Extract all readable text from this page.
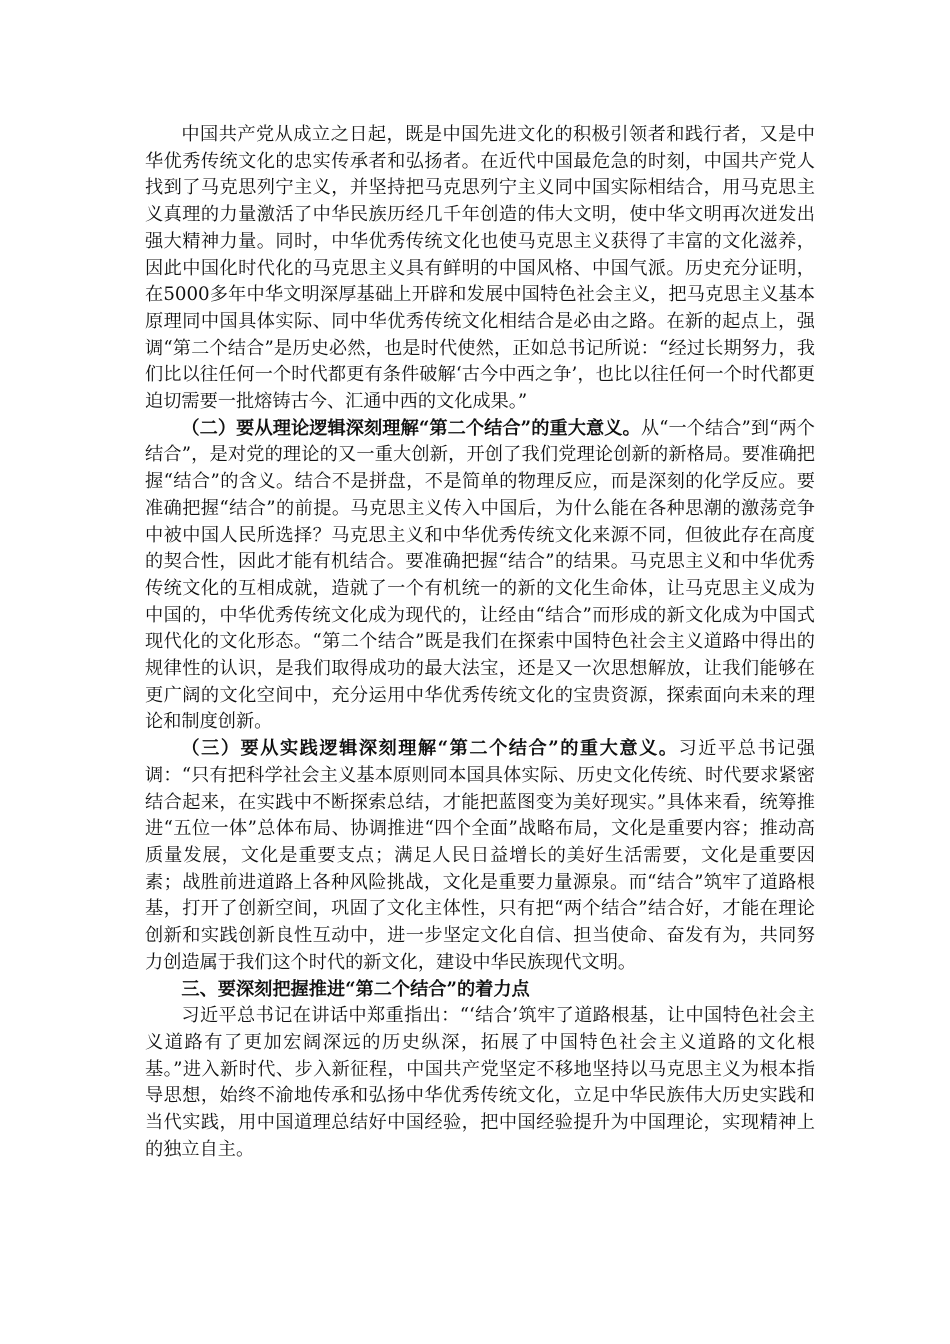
中国共产党从成立之日起，既是中国先进文化的积极引领者和践行者，又是中华优秀传统文化的忠实传承者和弘扬者。在近代中国最危急的时刻，中国共产党人找到了马克思列宁主义，并坚持把马克思列宁主义同中国实际相结合，用马克思主义真理的力量激活了中华民族历经几千年创造的伟大文明，使中华文明再次迸发出强大精神力量。同时，中华优秀传统文化也使马克思主义获得了丰富的文化滋养，因此中国化时代化的马克思主义具有鲜明的中国风格、中国气派。历史充分证明，在5000多年中华文明深厚基础上开辟和发展中国特色社会主义，把马克思主义基本原理同中国具体实际、同中华优秀传统文化相结合是必由之路。在新的起点上，强调“第二个结合”是历史必然，也是时代使然，正如总书记所说：“经过长期努力，我们比以往任何一个时代都更有条件破解‘古今中西之争’，也比以往任何一个时代都更迫切需要一批熔铸古今、汇通中西的文化成果。”

（二）要从理论逻辑深刻理解“第二个结合”的重大意义。从“一个结合”到“两个结合”，是对党的理论的又一重大创新，开创了我们党理论创新的新格局。要准确把握“结合”的含义。结合不是拼盘，不是简单的物理反应，而是深刻的化学反应。要准确把握“结合”的前提。马克思主义传入中国后，为什么能在各种思潮的激荡竞争中被中国人民所选择？马克思主义和中华优秀传统文化来源不同，但彼此存在高度的契合性，因此才能有机结合。要准确把握“结合”的结果。马克思主义和中华优秀传统文化的互相成就，造就了一个有机统一的新的文化生命体，让马克思主义成为中国的，中华优秀传统文化成为现代的，让经由“结合”而形成的新文化成为中国式现代化的文化形态。“第二个结合”既是我们在探索中国特色社会主义道路中得出的规律性的认识，是我们取得成功的最大法宝，还是又一次思想解放，让我们能够在更广阔的文化空间中，充分运用中华优秀传统文化的宝贵资源，探索面向未来的理论和制度创新。

（三）要从实践逻辑深刻理解“第二个结合”的重大意义。习近平总书记强调：“只有把科学社会主义基本原则同本国具体实际、历史文化传统、时代要求紧密结合起来，在实践中不断探索总结，才能把蓝图变为美好现实。”具体来看，统筹推进“五位一体”总体布局、协调推进“四个全面”战略布局，文化是重要内容；推动高质量发展，文化是重要支点；满足人民日益增长的美好生活需要，文化是重要因素；战胜前进道路上各种风险挑战，文化是重要力量源泉。而“结合”筑牢了道路根基，打开了创新空间，巩固了文化主体性，只有把“两个结合”结合好，才能在理论创新和实践创新良性互动中，进一步坚定文化自信、担当使命、奋发有为，共同努力创造属于我们这个时代的新文化，建设中华民族现代文明。

三、要深刻把握推进“第二个结合”的着力点

习近平总书记在讲话中郑重指出：“‘结合’筑牢了道路根基，让中国特色社会主义道路有了更加宏阔深远的历史纵深，拓展了中国特色社会主义道路的文化根基。”进入新时代、步入新征程，中国共产党坚定不移地坚持以马克思主义为根本指导思想，始终不渝地传承和弘扬中华优秀传统文化，立足中华民族伟大历史实践和当代实践，用中国道理总结好中国经验，把中国经验提升为中国理论，实现精神上的独立自主。
